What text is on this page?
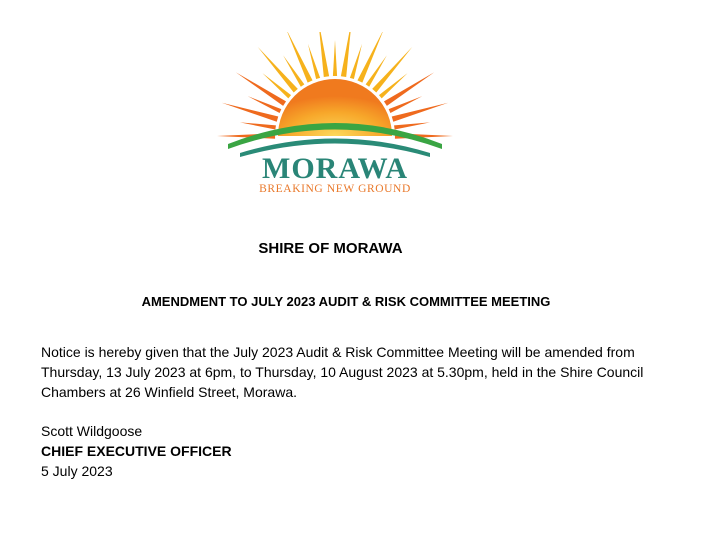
MORAWA
BREAKING NEW GROUND
SHIRE OF MORAWA
AMENDMENT TO JULY 2023 AUDIT & RISK COMMITTEE MEETING
Notice is hereby given that the July 2023 Audit & Risk Committee Meeting will be amended from Thursday, 13 July 2023 at 6pm, to Thursday, 10 August 2023 at 5.30pm, held in the Shire Council Chambers at 26 Winfield Street, Morawa.
Scott Wildgoose
CHIEF EXECUTIVE OFFICER
5 July 2023
